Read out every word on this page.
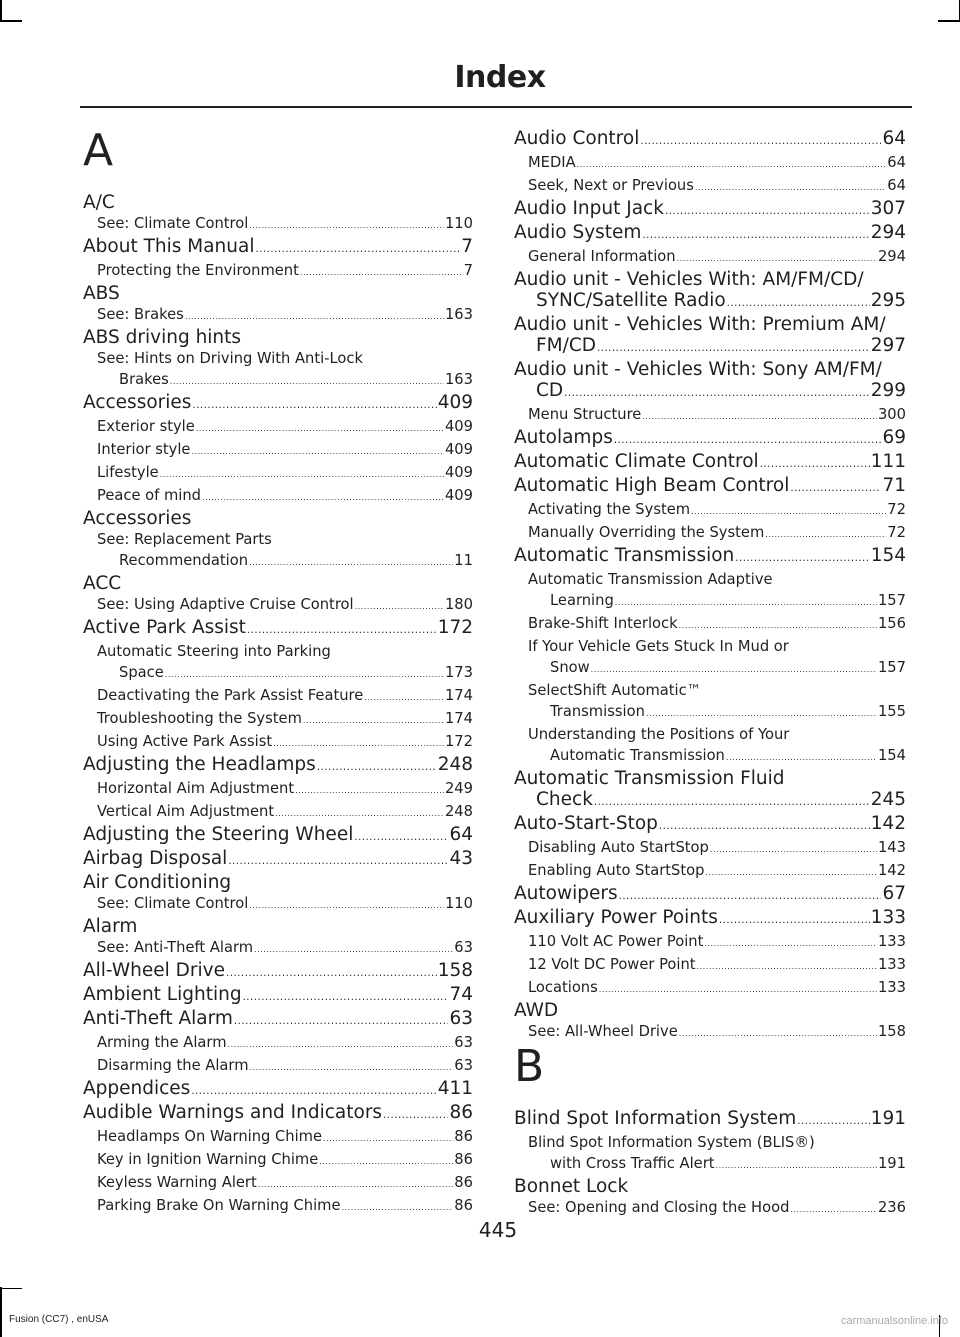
Index
A
A/C
See: Climate Control .....	110
About This Manual .....	7
Protecting the Environment .....	7
ABS
See: Brakes .....	163
ABS driving hints
See: Hints on Driving With Anti-Lock
Brakes .....	163
Accessories .....	409
Exterior style .....	409
Interior style .....	409
Lifestyle .....	409
Peace of mind .....	409
Accessories
See: Replacement Parts
Recommendation .....	11
ACC
See: Using Adaptive Cruise Control .....	180
Active Park Assist .....	172
Automatic Steering into Parking
Space .....	173
Deactivating the Park Assist Feature .....	174
Troubleshooting the System .....	174
Using Active Park Assist .....	172
Adjusting the Headlamps .....	248
Horizontal Aim Adjustment .....	249
Vertical Aim Adjustment .....	248
Adjusting the Steering Wheel .....	64
Airbag Disposal .....	43
Air Conditioning
See: Climate Control .....	110
Alarm
See: Anti-Theft Alarm .....	63
All-Wheel Drive .....	158
Ambient Lighting .....	74
Anti-Theft Alarm .....	63
Arming the Alarm .....	63
Disarming the Alarm .....	63
Appendices .....	411
Audible Warnings and Indicators .....	86
Headlamps On Warning Chime .....	86
Key in Ignition Warning Chime .....	86
Keyless Warning Alert .....	86
Parking Brake On Warning Chime .....	86
Audio Control .....	64
MEDIA .....	64
Seek, Next or Previous .....	64
Audio Input Jack .....	307
Audio System .....	294
General Information .....	294
Audio unit - Vehicles With: AM/FM/CD/
SYNC/Satellite Radio .....	295
Audio unit - Vehicles With: Premium AM/
FM/CD .....	297
Audio unit - Vehicles With: Sony AM/FM/
CD .....	299
Menu Structure .....	300
Autolamps .....	69
Automatic Climate Control .....	111
Automatic High Beam Control .....	71
Activating the System .....	72
Manually Overriding the System .....	72
Automatic Transmission .....	154
Automatic Transmission Adaptive
Learning .....	157
Brake-Shift Interlock .....	156
If Your Vehicle Gets Stuck In Mud or
Snow .....	157
SelectShift Automatic™
Transmission .....	155
Understanding the Positions of Your
Automatic Transmission .....	154
Automatic Transmission Fluid
Check .....	245
Auto-Start-Stop .....	142
Disabling Auto StartStop .....	143
Enabling Auto StartStop .....	142
Autowipers .....	67
Auxiliary Power Points .....	133
110 Volt AC Power Point .....	133
12 Volt DC Power Point .....	133
Locations .....	133
AWD
See: All-Wheel Drive .....	158
B
Blind Spot Information System .....	191
Blind Spot Information System (BLIS®)
with Cross Traffic Alert .....	191
Bonnet Lock
See: Opening and Closing the Hood .....	236
445
Fusion (CC7) , enUSA	carmanualsonline.info
